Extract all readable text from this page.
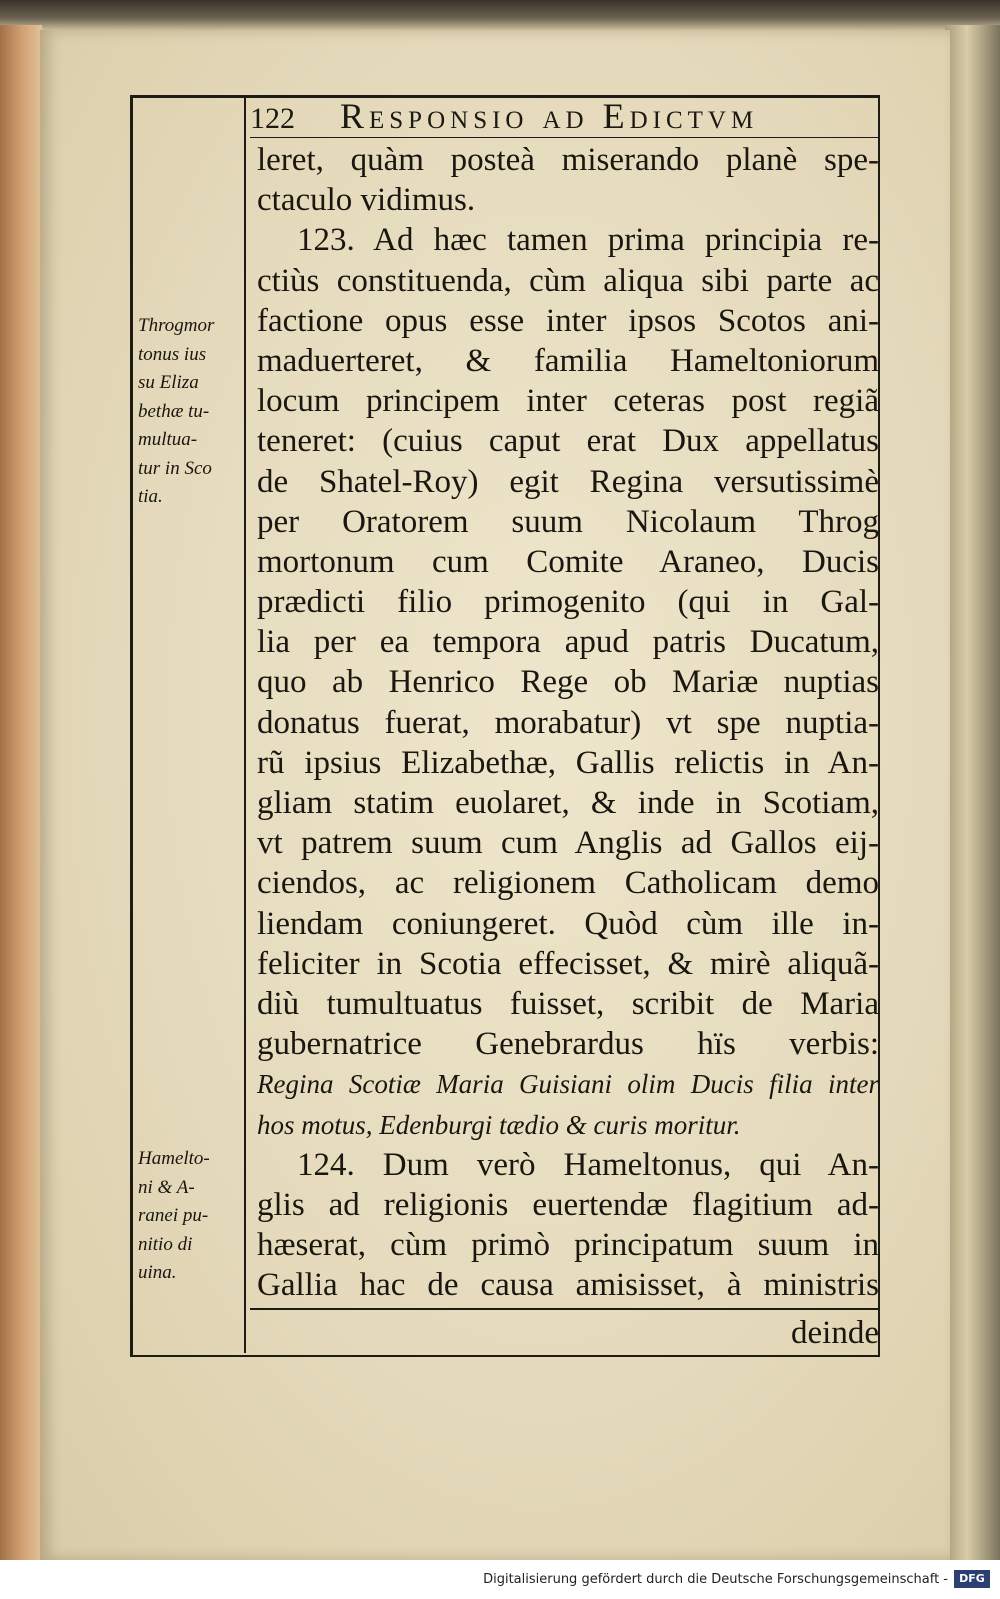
122 Responsio ad Edictvm
leret, quàm posteà miserando planè spe-
ctaculo vidimus.
123. Ad hæc tamen prima principia re-
ctiùs constituenda, cùm aliqua sibi parte ac
factione opus esse inter ipsos Scotos ani-
maduerteret, & familia Hameltoniorum
locum principem inter ceteras post regiã
teneret: (cuius caput erat Dux appellatus
de Shatel-Roy) egit Regina versutissimè
per Oratorem suum Nicolaum Throg
mortonum cum Comite Araneo, Ducis
prædicti filio primogenito (qui in Gal-
lia per ea tempora apud patris Ducatum,
quo ab Henrico Rege ob Mariæ nuptias
donatus fuerat, morabatur) vt spe nuptia-
rũ ipsius Elizabethæ, Gallis relictis in An-
gliam statim euolaret, & inde in Scotiam,
vt patrem suum cum Anglis ad Gallos eij-
ciendos, ac religionem Catholicam demo
liendam coniungeret. Quòd cùm ille in-
feliciter in Scotia effecisset, & mirè aliquã-
diù tumultuatus fuisset, scribit de Maria
gubernatrice Genebrardus hïs verbis:
Regina Scotiæ Maria Guisiani olim Ducis filia inter
hos motus, Edenburgi tædio & curis moritur.
124. Dum verò Hameltonus, qui An-
glis ad religionis euertendæ flagitium ad-
hæserat, cùm primò principatum suum in
Gallia hac de causa amisisset, à ministris
deinde
Throgmor
tonus ius
su Eliza
bethæ tu-
multua-
tur in Sco
tia.
Hamelto-
ni & A-
ranei pu-
nitio di
uina.
Digitalisierung gefördert durch die Deutsche Forschungsgemeinschaft -	DFG
